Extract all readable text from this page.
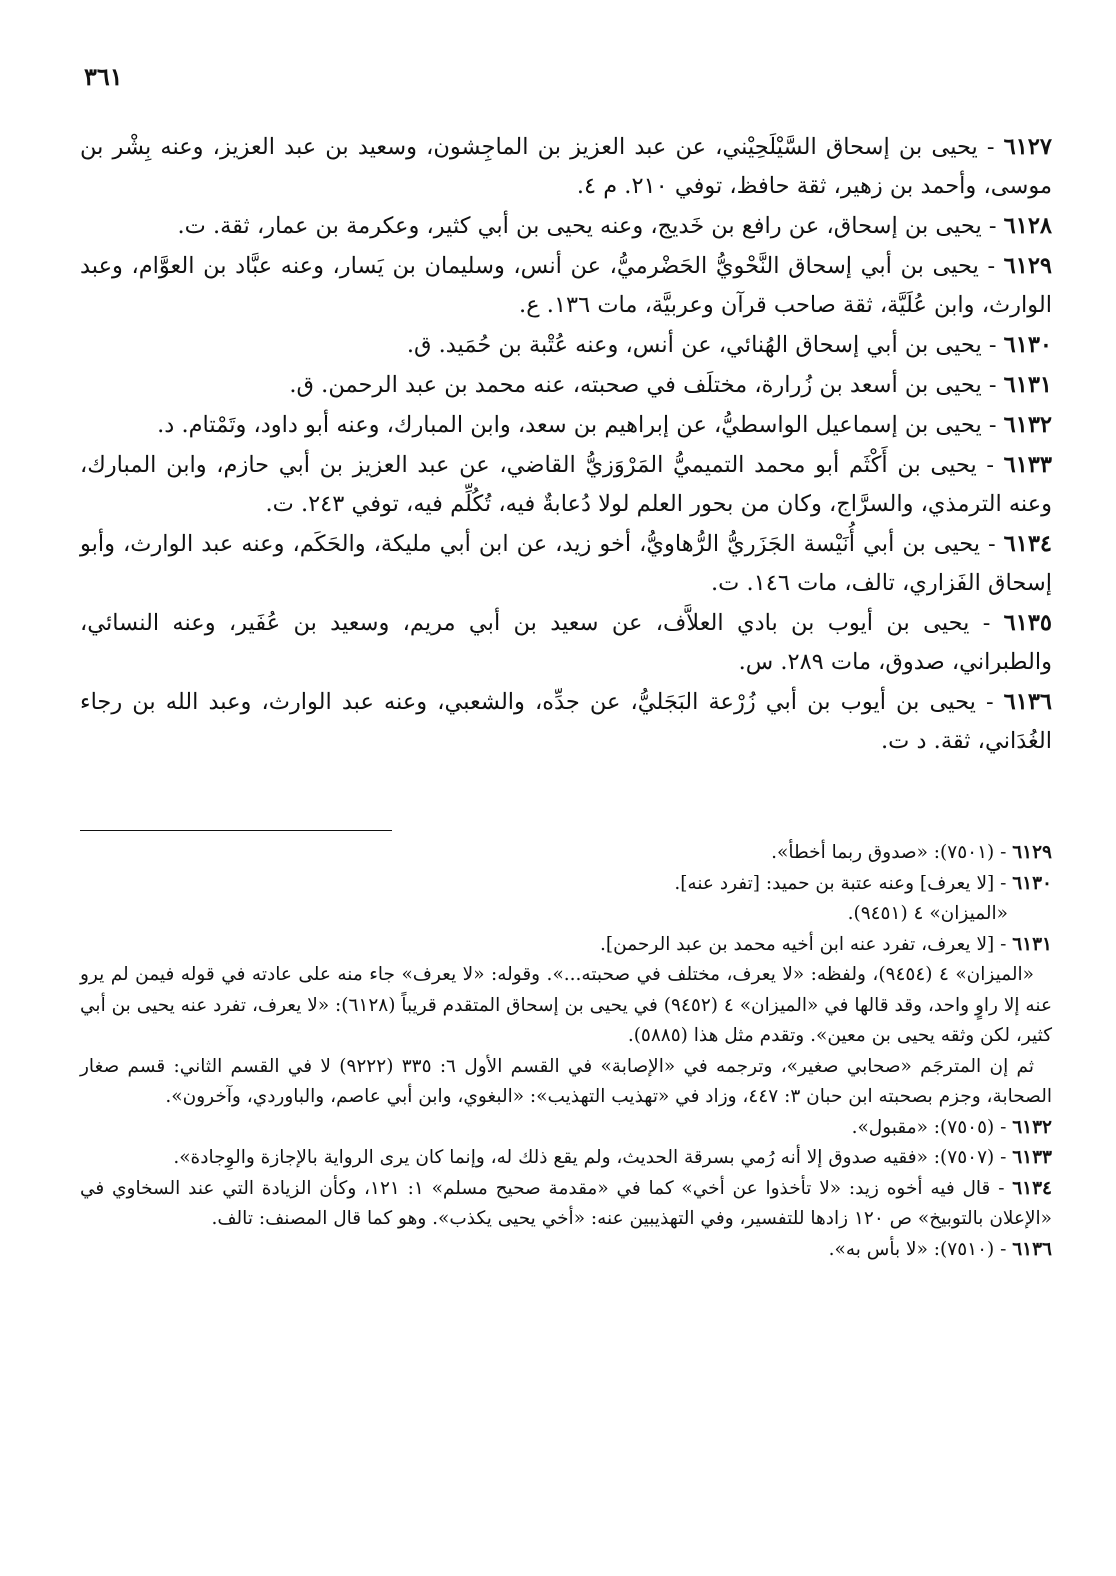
٣٦١
٦١٢٧ - يحيى بن إسحاق السَّيْلَحِيْني، عن عبد العزيز بن الماجِشون، وسعيد بن عبد العزيز، وعنه بِشْر بن موسى، وأحمد بن زهير، ثقة حافظ، توفي ٢١٠. م ٤.
٦١٢٨ - يحيى بن إسحاق، عن رافع بن خَديج، وعنه يحيى بن أبي كثير، وعكرمة بن عمار، ثقة. ت.
٦١٢٩ - يحيى بن أبي إسحاق النَّحْويُّ الحَضْرميُّ، عن أنس، وسليمان بن يَسار، وعنه عبَّاد بن العوَّام، وعبد الوارث، وابن عُلَيَّة، ثقة صاحب قرآن وعربيَّة، مات ١٣٦. ع.
٦١٣٠ - يحيى بن أبي إسحاق الهُنائي، عن أنس، وعنه عُتْبة بن حُمَيد. ق.
٦١٣١ - يحيى بن أسعد بن زُرارة، مختلَف في صحبته، عنه محمد بن عبد الرحمن. ق.
٦١٣٢ - يحيى بن إسماعيل الواسطيُّ، عن إبراهيم بن سعد، وابن المبارك، وعنه أبو داود، وتَمْتام. د.
٦١٣٣ - يحيى بن أَكْثَم أبو محمد التميميُّ المَرْوَزيُّ القاضي، عن عبد العزيز بن أبي حازم، وابن المبارك، وعنه الترمذي، والسرَّاج، وكان من بحور العلم لولا دُعابةٌ فيه، تُكُلِّم فيه، توفي ٢٤٣. ت.
٦١٣٤ - يحيى بن أبي أُنَيْسة الجَزَريُّ الرُّهاويُّ، أخو زيد، عن ابن أبي مليكة، والحَكَم، وعنه عبد الوارث، وأبو إسحاق الفَزاري، تالف، مات ١٤٦. ت.
٦١٣٥ - يحيى بن أيوب بن بادي العلاَّف، عن سعيد بن أبي مريم، وسعيد بن عُفَير، وعنه النسائي، والطبراني، صدوق، مات ٢٨٩. س.
٦١٣٦ - يحيى بن أيوب بن أبي زُرْعة البَجَليُّ، عن جدِّه، والشعبي، وعنه عبد الوارث، وعبد الله بن رجاء الغُدَاني، ثقة. د ت.
٦١٢٩ - (٧٥٠١): «صدوق ربما أخطأ».
٦١٣٠ - [لا يعرف] وعنه عتبة بن حميد: [تفرد عنه].
«الميزان» ٤ (٩٤٥١).
٦١٣١ - [لا يعرف، تفرد عنه ابن أخيه محمد بن عبد الرحمن].
«الميزان» ٤ (٩٤٥٤)، ولفظه: «لا يعرف، مختلف في صحبته...». وقوله: «لا يعرف» جاء منه على عادته في قوله فيمن لم يرو عنه إلا راوٍ واحد، وقد قالها في «الميزان» ٤ (٩٤٥٢) في يحيى بن إسحاق المتقدم قريباً (٦١٢٨): «لا يعرف، تفرد عنه يحيى بن أبي كثير، لكن وثقه يحيى بن معين». وتقدم مثل هذا (٥٨٨٥).
ثم إن المترجَم «صحابي صغير»، وترجمه في «الإصابة» في القسم الأول ٦: ٣٣٥ (٩٢٢٢) لا في القسم الثاني: قسم صغار الصحابة، وجزم بصحبته ابن حبان ٣: ٤٤٧، وزاد في «تهذيب التهذيب»: «البغوي، وابن أبي عاصم، والباوردي، وآخرون».
٦١٣٢ - (٧٥٠٥): «مقبول».
٦١٣٣ - (٧٥٠٧): «فقيه صدوق إلا أنه رُمي بسرقة الحديث، ولم يقع ذلك له، وإنما كان يرى الرواية بالإجازة والوِجادة».
٦١٣٤ - قال فيه أخوه زيد: «لا تأخذوا عن أخي» كما في «مقدمة صحيح مسلم» ١: ١٢١، وكأن الزيادة التي عند السخاوي في «الإعلان بالتوبيخ» ص ١٢٠ زادها للتفسير، وفي التهذيبين عنه: «أخي يحيى يكذب». وهو كما قال المصنف: تالف.
٦١٣٦ - (٧٥١٠): «لا بأس به».
